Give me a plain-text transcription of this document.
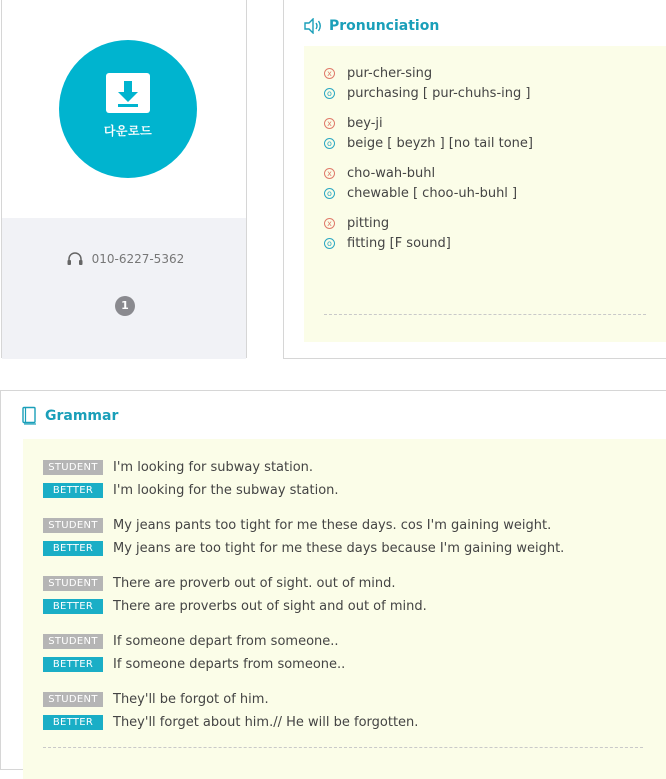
다운로드
010-6227-5362
1
Pronunciation
x pur-cher-sing
o purchasing [ pur-chuhs-ing ]
x bey-ji
o beige [ beyzh ] [no tail tone]
x cho-wah-buhl
o chewable [ choo-uh-buhl ]
x pitting
o fitting [F sound]
Grammar
STUDENT	I'm looking for subway station.
BETTER	I'm looking for the subway station.
STUDENT	My jeans pants too tight for me these days. cos I'm gaining weight.
BETTER	My jeans are too tight for me these days because I'm gaining weight.
STUDENT	There are proverb out of sight. out of mind.
BETTER	There are proverbs out of sight and out of mind.
STUDENT	If someone depart from someone..
BETTER	If someone departs from someone..
STUDENT	They'll be forgot of him.
BETTER	They'll forget about him.// He will be forgotten.
